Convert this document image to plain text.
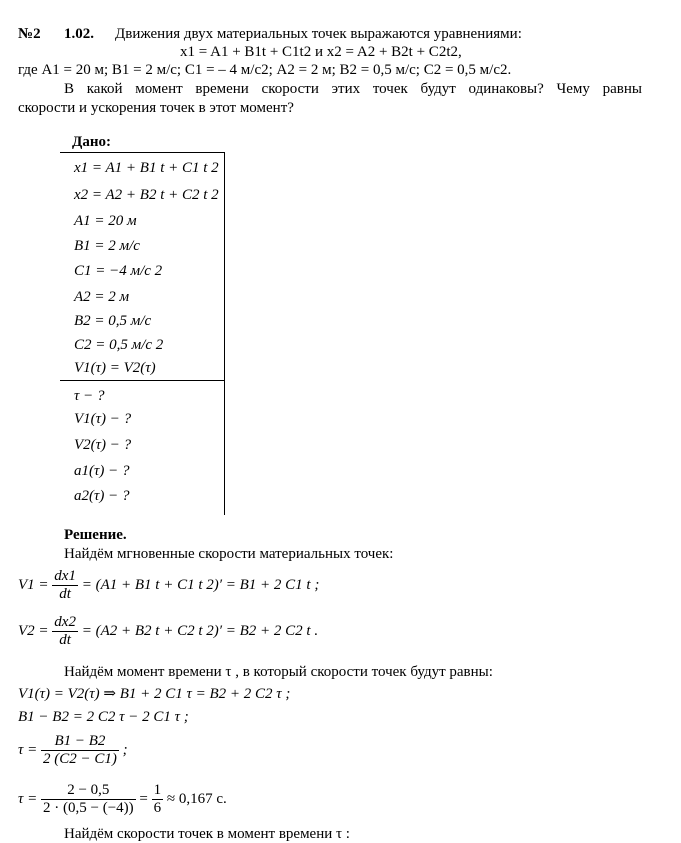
№2 1.02. Движения двух материальных точек выражаются уравнениями:
x1 = A1 + B1t + C1t2 и x2 = A2 + B2t + C2t2,
где A1 = 20 м; B1 = 2 м/с; C1 = – 4 м/с2; A2 = 2 м; B2 = 0,5 м/с; C2 = 0,5 м/с2.
В какой момент времени скорости этих точек будут одинаковы? Чему равны
скорости и ускорения точек в этот момент?
Дано:
x1 = A1 + B1 t + C1 t 2
x2 = A2 + B2 t + C2 t 2
A1 = 20 м
B1 = 2 м/с
C1 = −4 м/с 2
A2 = 2 м
B2 = 0,5 м/с
C2 = 0,5 м/с 2
V1(τ) = V2(τ)
τ − ?
V1(τ) − ?
V2(τ) − ?
a1(τ) − ?
a2(τ) − ?
Решение.
Найдём мгновенные скорости материальных точек:
$V1 = \frac{dx1}{dt} = (A1 + B1$ t + C1 t 2)′ = B1 + 2 C1 t ;
$V2 = \frac{dx2}{dt} = (A2 + B2$ t + C2 t 2)′ = B2 + 2 C2 t .
Найдём момент времени τ , в который скорости точек будут равны:
V1(τ) = V2(τ) ⇒ B1 + 2 C1 τ = B2 + 2 C2 τ ;
B1 − B2 = 2 C2 τ − 2 C1 τ ;
$\tau = \frac{B1 - B2}{2 (C2 - C1)}$ ;
$\tau = \frac{2 - 0,5}{2 \cdot (0,5 - (-4))} = \frac{1}{6} \approx 0,167$ с.
Найдём скорости точек в момент времени τ :
